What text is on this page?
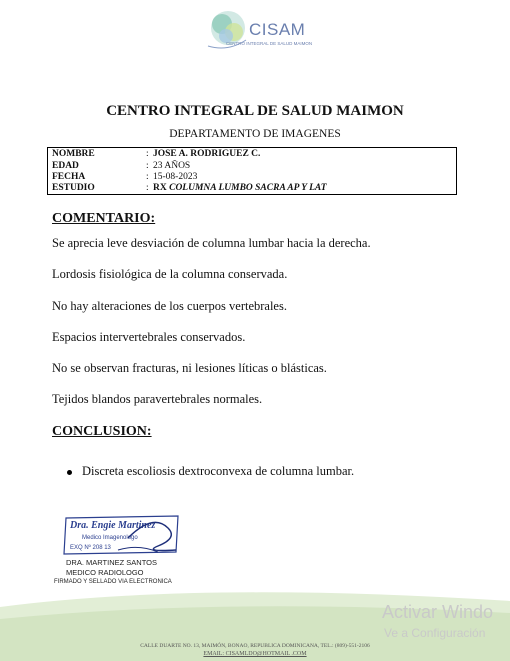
CISAM
CENTRO INTEGRAL DE SALUD MAIMON
CENTRO INTEGRAL DE SALUD MAIMON
DEPARTAMENTO DE IMAGENES
NOMBRE	: JOSE A. RODRIGUEZ C.
EDAD	: 23 AÑOS
FECHA	: 15-08-2023
ESTUDIO	: RX COLUMNA LUMBO SACRA AP Y LAT
COMENTARIO:
Se aprecia leve desviación de columna lumbar hacia la derecha.
Lordosis fisiológica de la columna conservada.
No hay alteraciones de los cuerpos vertebrales.
Espacios intervertebrales conservados.
No se observan fracturas, ni lesiones líticas o blásticas.
Tejidos blandos paravertebrales normales.
CONCLUSION:
Discreta escoliosis dextroconvexa de columna lumbar.
Dra. Engie Martinez
Medico Imagenologo
EXQ Nº 208 13
DRA. MARTINEZ SANTOS
MEDICO RADIOLOGO
FIRMADO Y SELLADO VIA ELECTRONICA
Activar Windo
Ve a Configuración
CALLE DUARTE NO. 13, MAIMÓN, BONAO, REPUBLICA DOMINICANA, TEL.: (809)-551-2106
EMAIL: CISAMLDO@HOTMAIL .COM
